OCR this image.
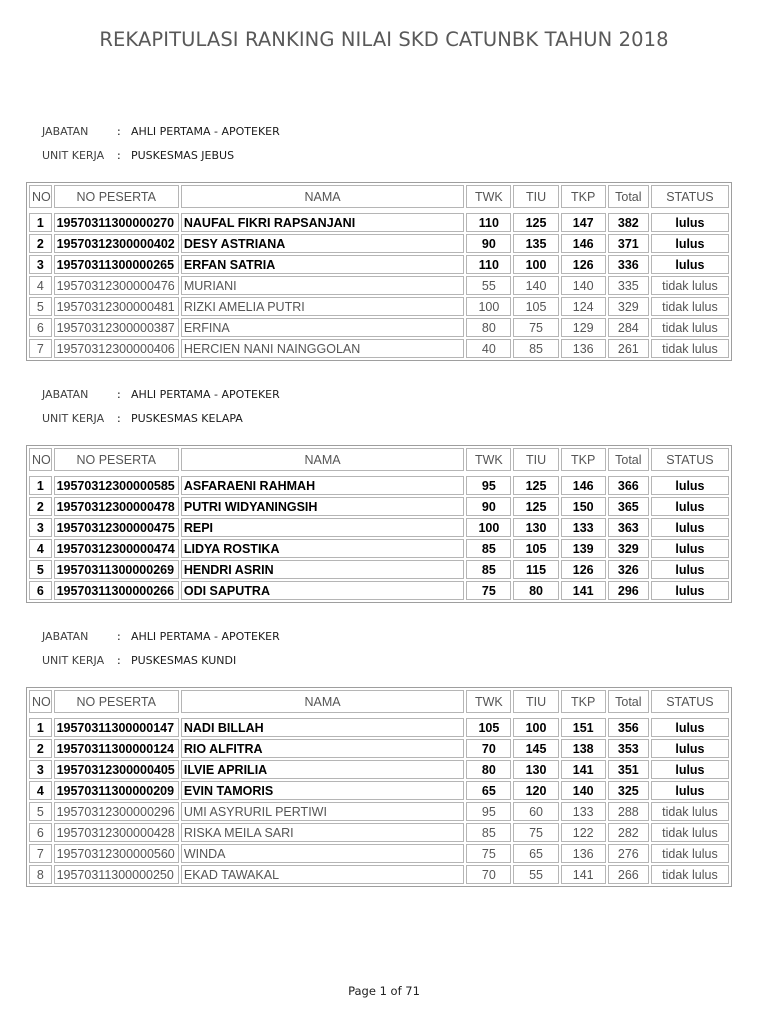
REKAPITULASI RANKING NILAI SKD CATUNBK TAHUN 2018
JABATAN	: AHLI PERTAMA - APOTEKER
UNIT KERJA	: PUSKESMAS JEBUS
NO	NO PESERTA	NAMA	TWK	TIU	TKP	Total	STATUS

1	19570311300000270	NAUFAL FIKRI RAPSANJANI	110	125	147	382	lulus
2	19570312300000402	DESY ASTRIANA	90	135	146	371	lulus
3	19570311300000265	ERFAN SATRIA	110	100	126	336	lulus
4	19570312300000476	MURIANI	55	140	140	335	tidak lulus
5	19570312300000481	RIZKI AMELIA PUTRI	100	105	124	329	tidak lulus
6	19570312300000387	ERFINA	80	75	129	284	tidak lulus
7	19570312300000406	HERCIEN NANI NAINGGOLAN	40	85	136	261	tidak lulus
JABATAN	: AHLI PERTAMA - APOTEKER
UNIT KERJA	: PUSKESMAS KELAPA
NO	NO PESERTA	NAMA	TWK	TIU	TKP	Total	STATUS

1	19570312300000585	ASFARAENI RAHMAH	95	125	146	366	lulus
2	19570312300000478	PUTRI WIDYANINGSIH	90	125	150	365	lulus
3	19570312300000475	REPI	100	130	133	363	lulus
4	19570312300000474	LIDYA ROSTIKA	85	105	139	329	lulus
5	19570311300000269	HENDRI ASRIN	85	115	126	326	lulus
6	19570311300000266	ODI SAPUTRA	75	80	141	296	lulus
JABATAN	: AHLI PERTAMA - APOTEKER
UNIT KERJA	: PUSKESMAS KUNDI
NO	NO PESERTA	NAMA	TWK	TIU	TKP	Total	STATUS

1	19570311300000147	NADI BILLAH	105	100	151	356	lulus
2	19570311300000124	RIO ALFITRA	70	145	138	353	lulus
3	19570312300000405	ILVIE APRILIA	80	130	141	351	lulus
4	19570311300000209	EVIN TAMORIS	65	120	140	325	lulus
5	19570312300000296	UMI ASYRURIL PERTIWI	95	60	133	288	tidak lulus
6	19570312300000428	RISKA MEILA SARI	85	75	122	282	tidak lulus
7	19570312300000560	WINDA	75	65	136	276	tidak lulus
8	19570311300000250	EKAD TAWAKAL	70	55	141	266	tidak lulus
Page 1 of 71
